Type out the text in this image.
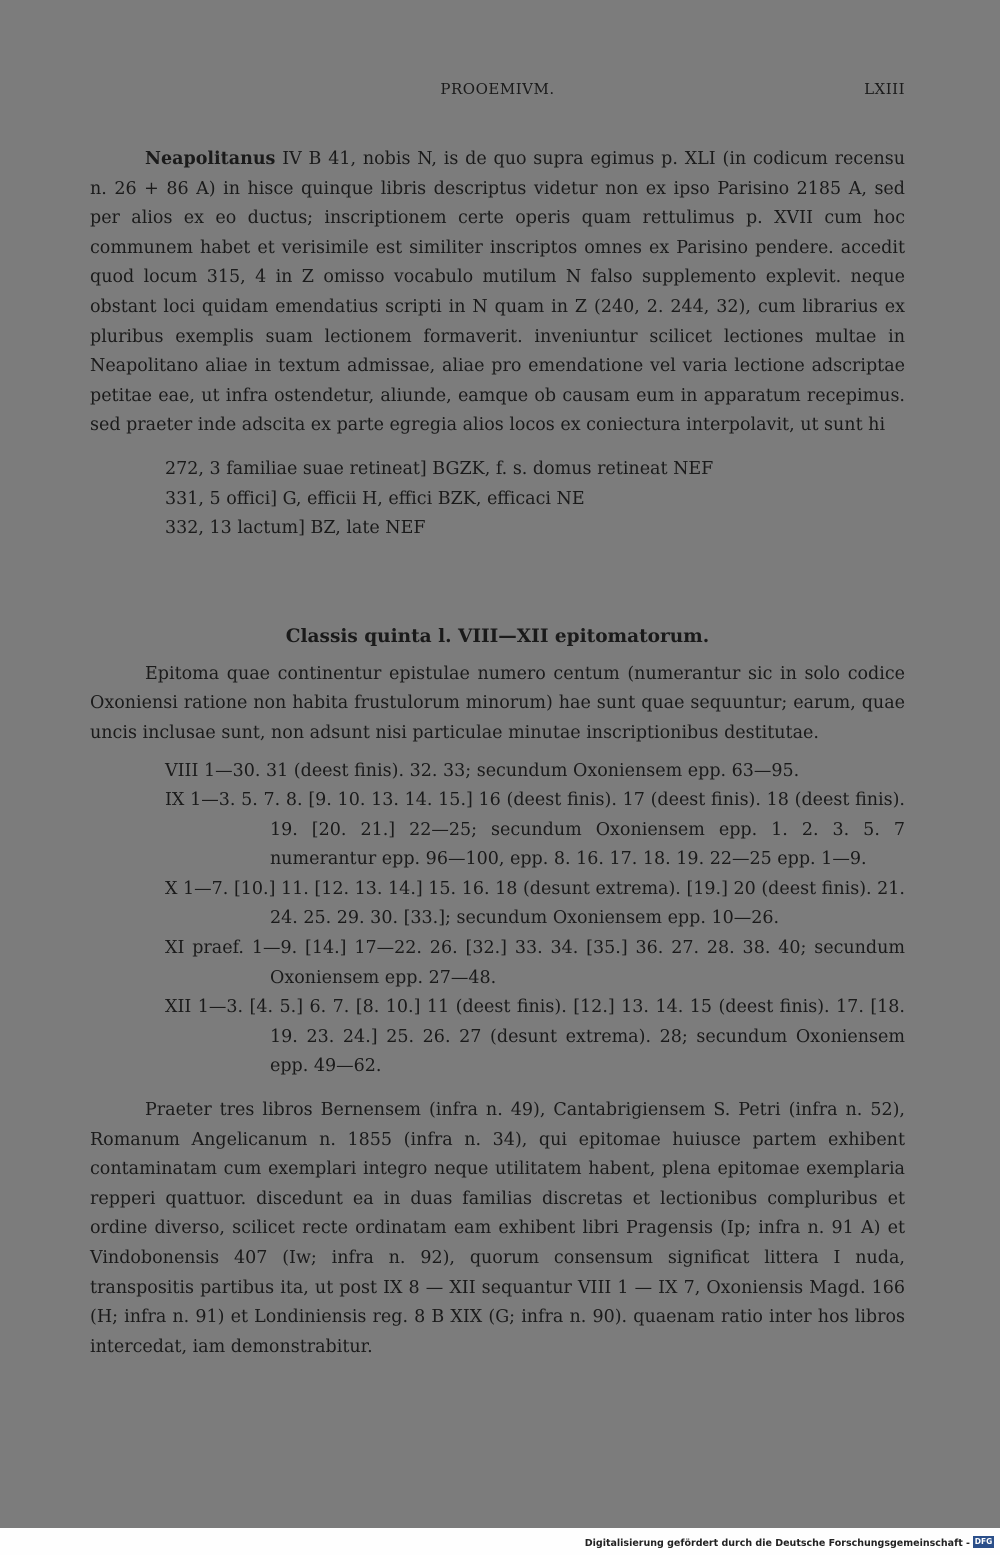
PROOEMIVM.	LXIII

Neapolitanus IV B 41, nobis N, is de quo supra egimus p. XLI (in codicum recensu n. 26 + 86 A) in hisce quinque libris descriptus videtur non ex ipso Parisino 2185 A, sed per alios ex eo ductus; inscriptionem certe operis quam rettulimus p. XVII cum hoc communem habet et verisimile est similiter inscriptos omnes ex Parisino pendere. accedit quod locum 315, 4 in Z omisso vocabulo mutilum N falso supplemento explevit. neque obstant loci quidam emendatius scripti in N quam in Z (240, 2. 244, 32), cum librarius ex pluribus exemplis suam lectionem formaverit. inveniuntur scilicet lectiones multae in Neapolitano aliae in textum admissae, aliae pro emendatione vel varia lectione adscriptae petitae eae, ut infra ostendetur, aliunde, eamque ob causam eum in apparatum recepimus. sed praeter inde adscita ex parte egregia alios locos ex coniectura interpolavit, ut sunt hi

272, 3 familiae suae retineat] BGZK, f. s. domus retineat NEF
331, 5 offici] G, efficii H, effici BZK, efficaci NE
332, 13 lactum] BZ, late NEF
Classis quinta l. VIII—XII epitomatorum.

Epitoma quae continentur epistulae numero centum (numerantur sic in solo codice Oxoniensi ratione non habita frustulorum minorum) hae sunt quae sequuntur; earum, quae uncis inclusae sunt, non adsunt nisi particulae minutae inscriptionibus destitutae.

VIII 1—30. 31 (deest finis). 32. 33; secundum Oxoniensem epp. 63—95.
IX 1—3. 5. 7. 8. [9. 10. 13. 14. 15.] 16 (deest finis). 17 (deest finis). 18 (deest finis). 19. [20. 21.] 22—25; secundum Oxoniensem epp. 1. 2. 3. 5. 7 numerantur epp. 96—100, epp. 8. 16. 17. 18. 19. 22—25 epp. 1—9.
X 1—7. [10.] 11. [12. 13. 14.] 15. 16. 18 (desunt extrema). [19.] 20 (deest finis). 21. 24. 25. 29. 30. [33.]; secundum Oxoniensem epp. 10—26.
XI praef. 1—9. [14.] 17—22. 26. [32.] 33. 34. [35.] 36. 27. 28. 38. 40; secundum Oxoniensem epp. 27—48.
XII 1—3. [4. 5.] 6. 7. [8. 10.] 11 (deest finis). [12.] 13. 14. 15 (deest finis). 17. [18. 19. 23. 24.] 25. 26. 27 (desunt extrema). 28; secundum Oxoniensem epp. 49—62.

Praeter tres libros Bernensem (infra n. 49), Cantabrigiensem S. Petri (infra n. 52), Romanum Angelicanum n. 1855 (infra n. 34), qui epitomae huiusce partem exhibent contaminatam cum exemplari integro neque utilitatem habent, plena epitomae exemplaria repperi quattuor. discedunt ea in duas familias discretas et lectionibus compluribus et ordine diverso, scilicet recte ordinatam eam exhibent libri Pragensis (Ip; infra n. 91 A) et Vindobonensis 407 (Iw; infra n. 92), quorum consensum significat littera I nuda, transpositis partibus ita, ut post IX 8 — XII sequantur VIII 1 — IX 7, Oxoniensis Magd. 166 (H; infra n. 91) et Londiniensis reg. 8 B XIX (G; infra n. 90). quaenam ratio inter hos libros intercedat, iam demonstrabitur.

Digitalisierung gefördert durch die Deutsche Forschungsgemeinschaft - DFG
